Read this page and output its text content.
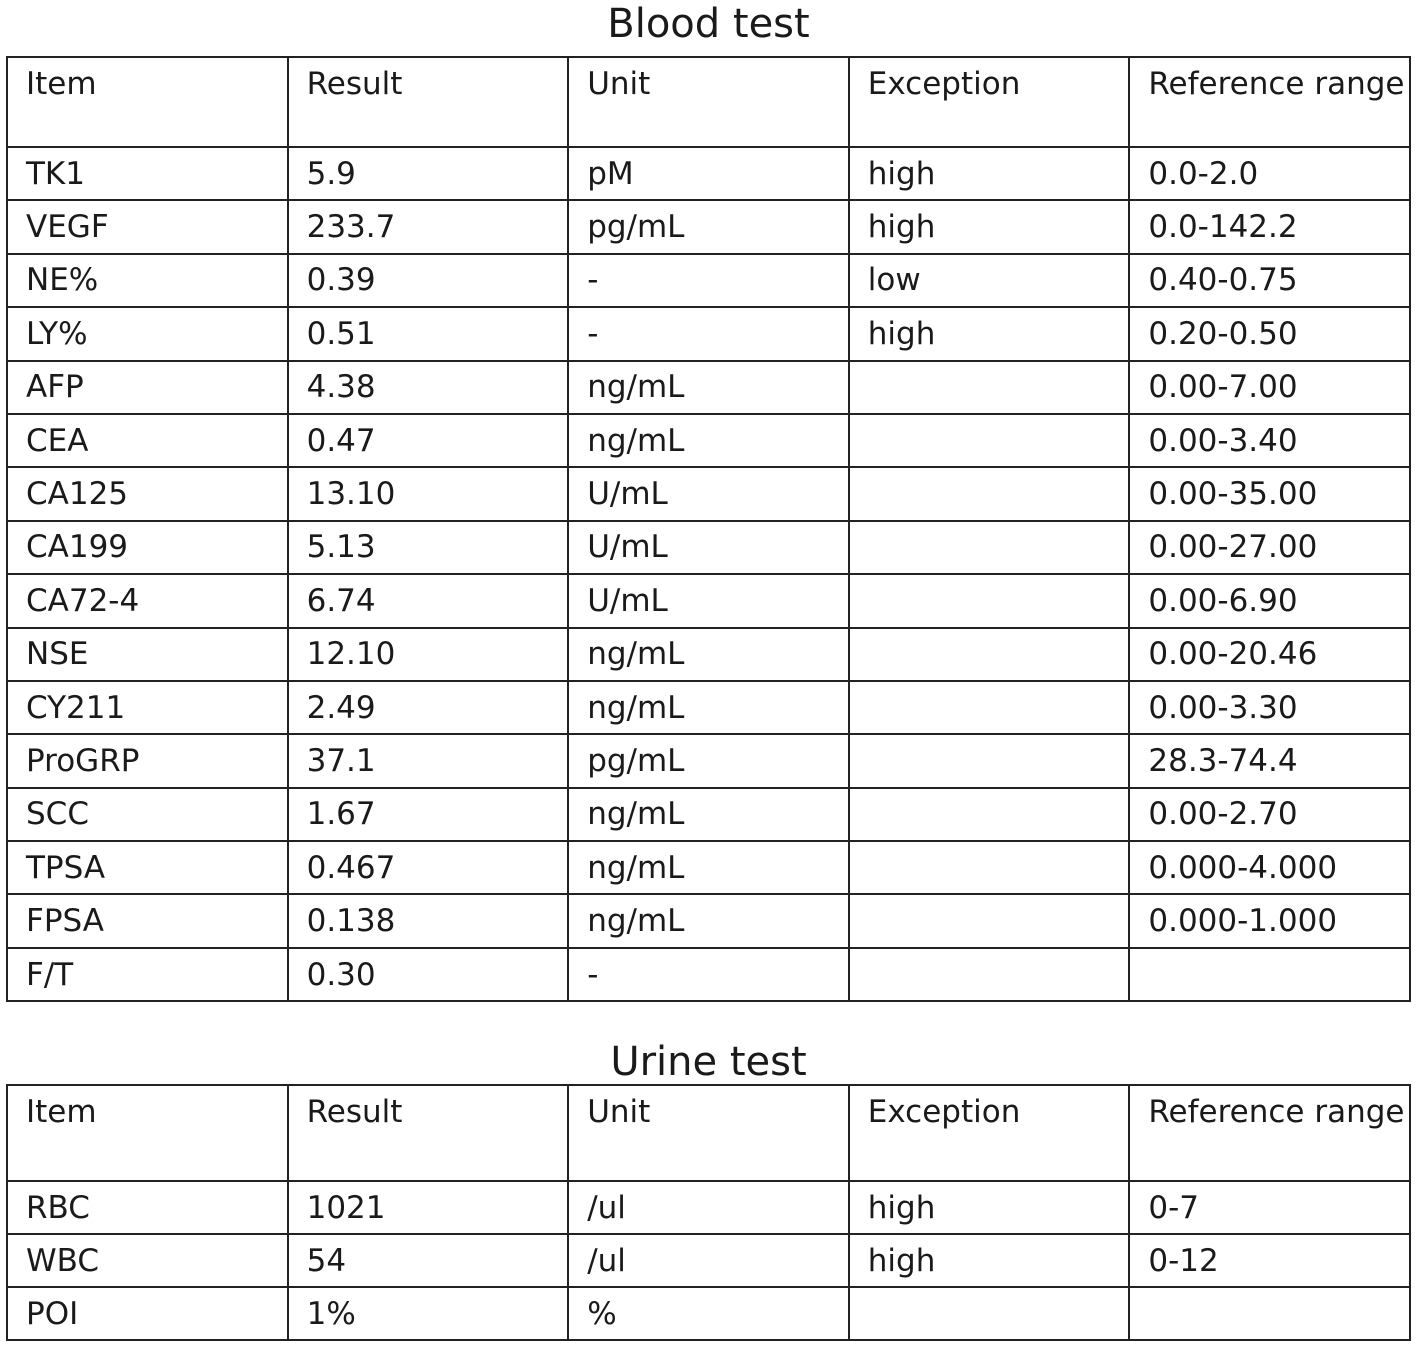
Blood test
Item	Result	Unit	Exception	Reference range
TK1	5.9	pM	high	0.0-2.0
VEGF	233.7	pg/mL	high	0.0-142.2
NE%	0.39	-	low	0.40-0.75
LY%	0.51	-	high	0.20-0.50
AFP	4.38	ng/mL		0.00-7.00
CEA	0.47	ng/mL		0.00-3.40
CA125	13.10	U/mL		0.00-35.00
CA199	5.13	U/mL		0.00-27.00
CA72-4	6.74	U/mL		0.00-6.90
NSE	12.10	ng/mL		0.00-20.46
CY211	2.49	ng/mL		0.00-3.30
ProGRP	37.1	pg/mL		28.3-74.4
SCC	1.67	ng/mL		0.00-2.70
TPSA	0.467	ng/mL		0.000-4.000
FPSA	0.138	ng/mL		0.000-1.000
F/T	0.30	-		
Urine test
Item	Result	Unit	Exception	Reference range
RBC	1021	/ul	high	0-7
WBC	54	/ul	high	0-12
POI	1%	%		
